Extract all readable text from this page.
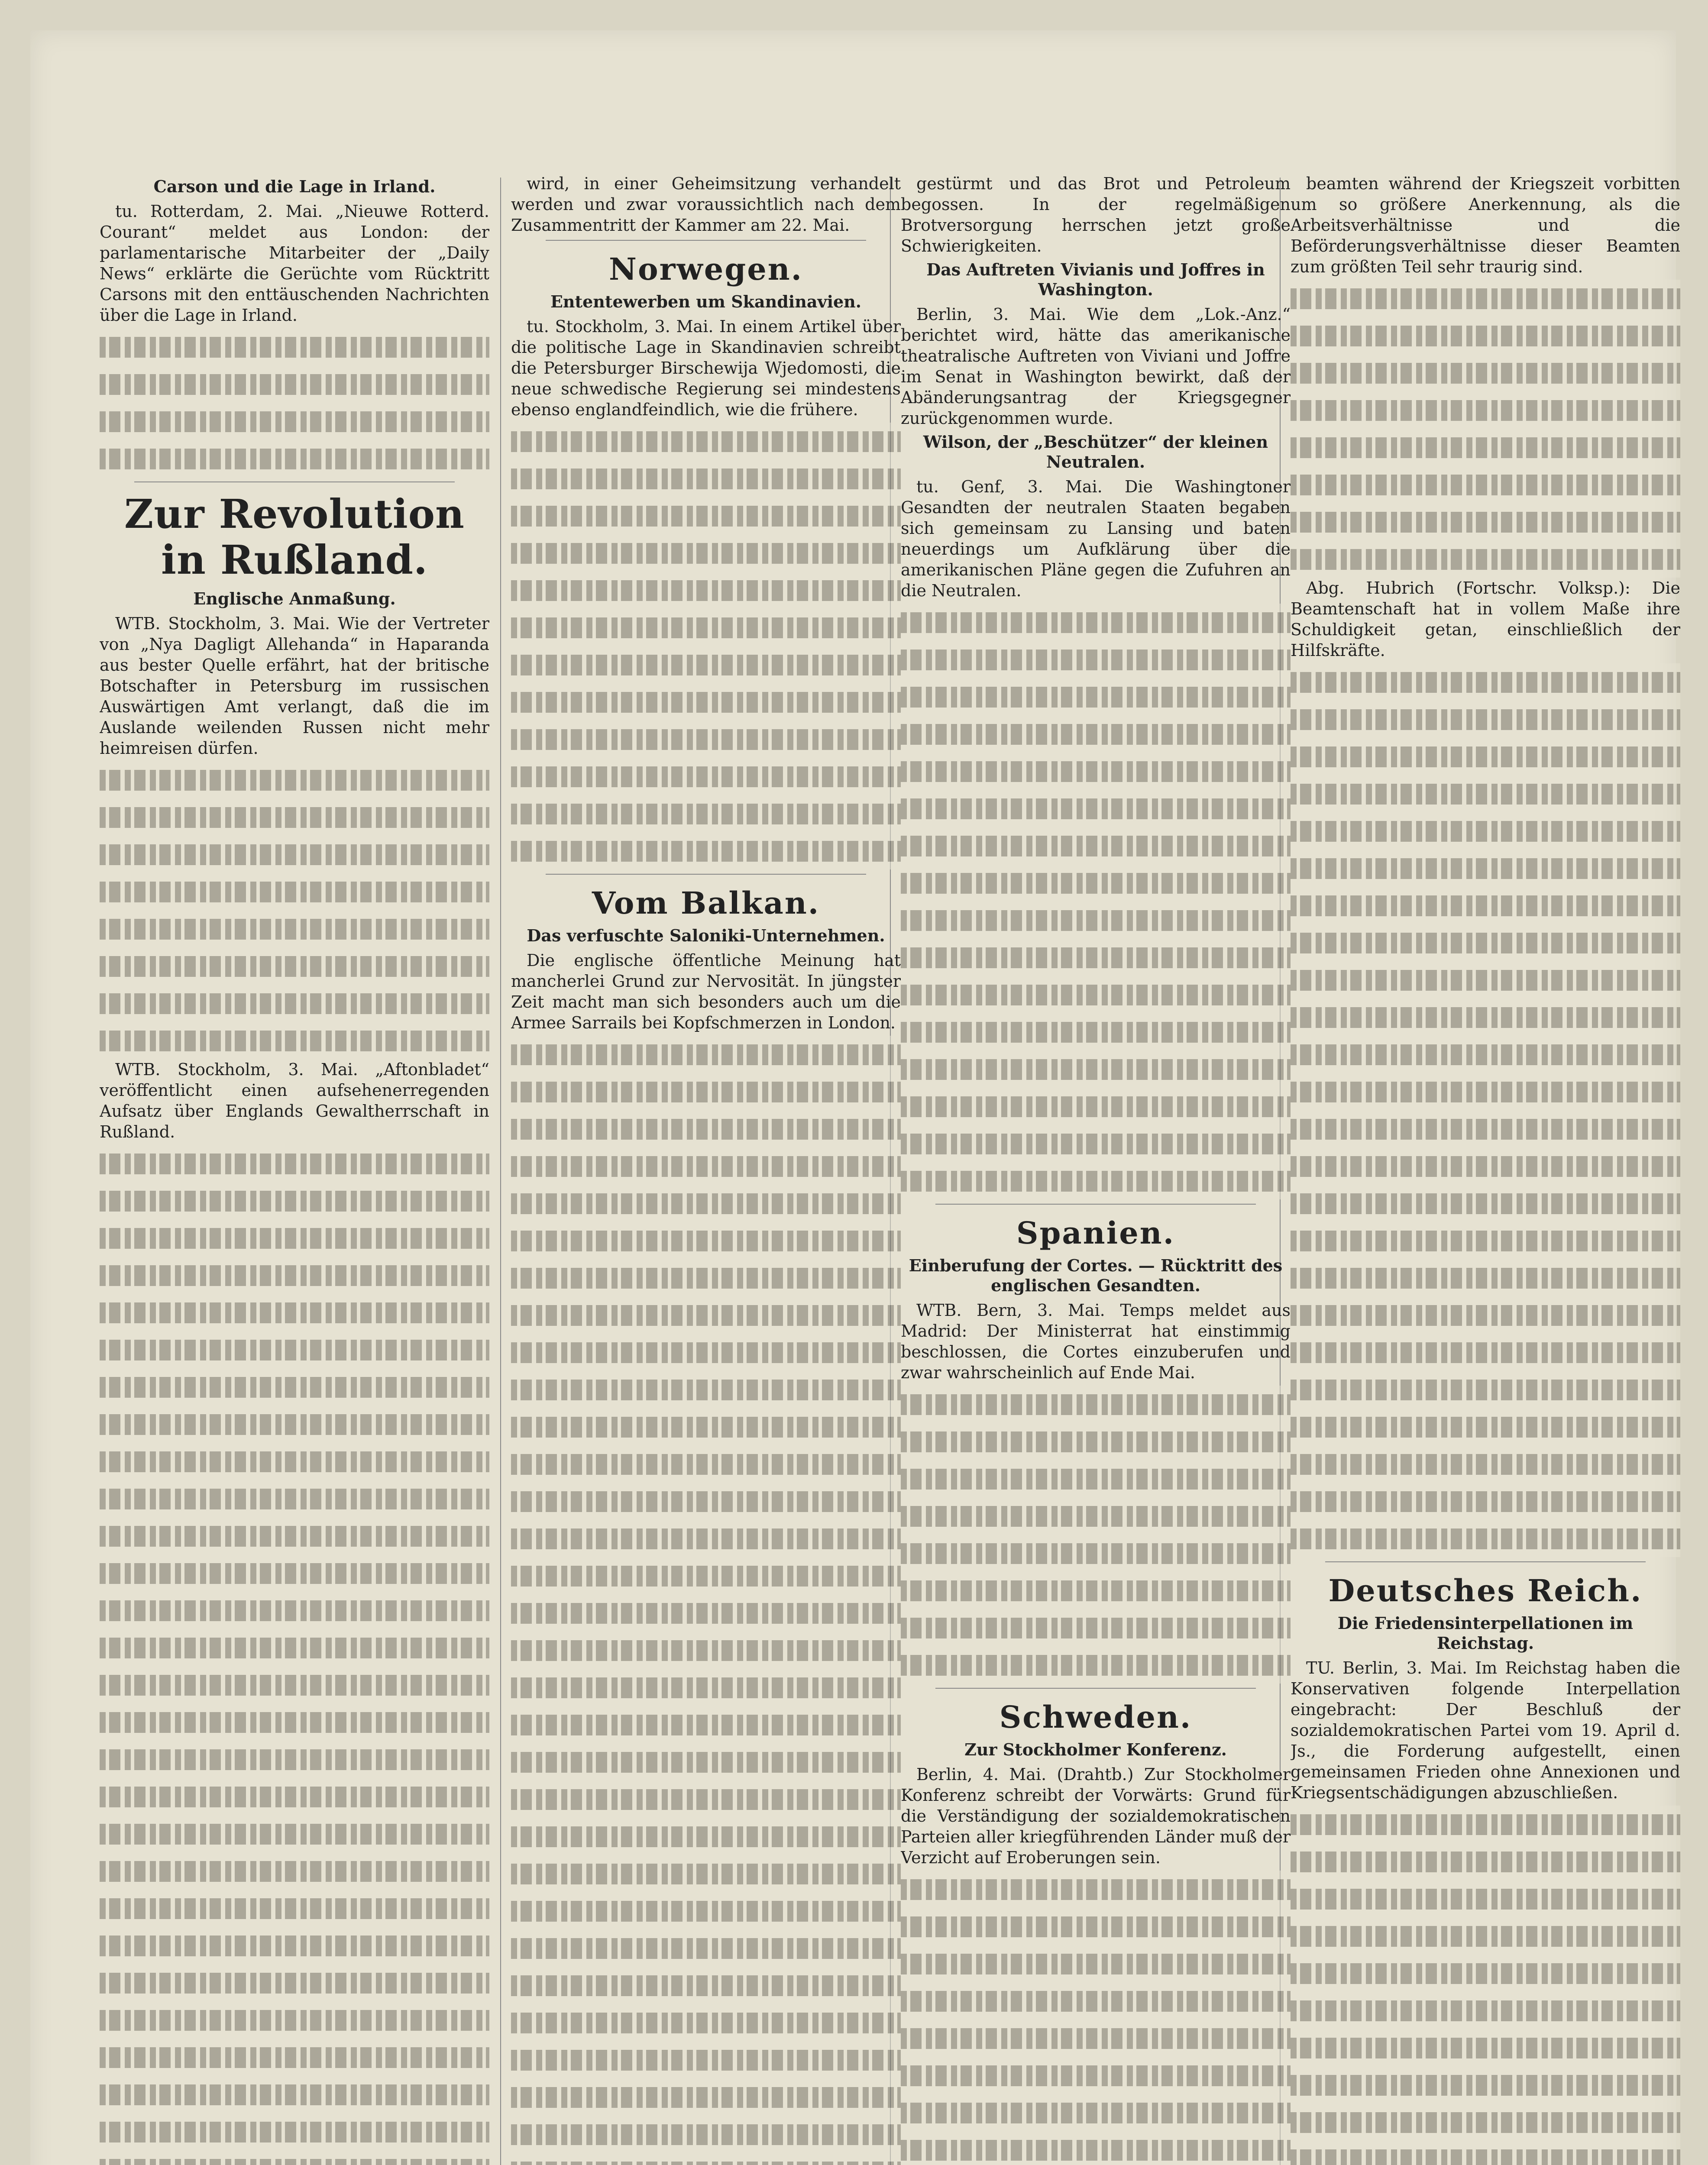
Carson und die Lage in Irland.

tu. Rotterdam, 2. Mai. „Nieuwe Rotterd. Courant“ meldet aus London: der parlamentarische Mitarbeiter der „Daily News“ erklärte die Gerüchte vom Rücktritt Carsons mit den enttäuschenden Nachrichten über die Lage in Irland.

Zur Revolution in Rußland.
Englische Anmaßung.

WTB. Stockholm, 3. Mai. Wie der Vertreter von „Nya Dagligt Allehanda“ in Haparanda aus bester Quelle erfährt, hat der britische Botschafter in Petersburg im russischen Auswärtigen Amt verlangt, daß die im Auslande weilenden Russen nicht mehr heimreisen dürfen.

WTB. Stockholm, 3. Mai. „Aftonbladet“ veröffentlicht einen aufsehenerregenden Aufsatz über Englands Gewaltherrschaft in Rußland.

wird, in einer Geheimsitzung verhandelt werden und zwar voraussichtlich nach dem Zusammentritt der Kammer am 22. Mai.

Norwegen.
Ententewerben um Skandinavien.

tu. Stockholm, 3. Mai. In einem Artikel über die politische Lage in Skandinavien schreibt die Petersburger Birschewija Wjedomosti, die neue schwedische Regierung sei mindestens ebenso englandfeindlich, wie die frühere.

Vom Balkan.
Das verfuschte Saloniki-Unternehmen.

Die englische öffentliche Meinung hat mancherlei Grund zur Nervosität. In jüngster Zeit macht man sich besonders auch um die Armee Sarrails bei Kopfschmerzen in London.

gestürmt und das Brot und Petroleum begossen. In der regelmäßigen Brotversorgung herrschen jetzt große Schwierigkeiten.

Das Auftreten Vivianis und Joffres in Washington.

Berlin, 3. Mai. Wie dem „Lok.-Anz.“ berichtet wird, hätte das amerikanische theatralische Auftreten von Viviani und Joffre im Senat in Washington bewirkt, daß der Abänderungsantrag der Kriegsgegner zurückgenommen wurde.

Wilson, der „Beschützer“ der kleinen Neutralen.

tu. Genf, 3. Mai. Die Washingtoner Gesandten der neutralen Staaten begaben sich gemeinsam zu Lansing und baten neuerdings um Aufklärung über die amerikanischen Pläne gegen die Zufuhren an die Neutralen.

Spanien.
Einberufung der Cortes. — Rücktritt des englischen Gesandten.

WTB. Bern, 3. Mai. Temps meldet aus Madrid: Der Ministerrat hat einstimmig beschlossen, die Cortes einzuberufen und zwar wahrscheinlich auf Ende Mai.

Schweden.
Zur Stockholmer Konferenz.

Berlin, 4. Mai. (Drahtb.) Zur Stockholmer Konferenz schreibt der Vorwärts: Grund für die Verständigung der sozialdemokratischen Parteien aller kriegführenden Länder muß der Verzicht auf Eroberungen sein.

beamten während der Kriegszeit vorbitten um so größere Anerkennung, als die Arbeitsverhältnisse und die Beförderungsverhältnisse dieser Beamten zum größten Teil sehr traurig sind.

Abg. Hubrich (Fortschr. Volksp.): Die Beamtenschaft hat in vollem Maße ihre Schuldigkeit getan, einschließlich der Hilfskräfte.

Deutsches Reich.
Die Friedensinterpellationen im Reichstag.

TU. Berlin, 3. Mai. Im Reichstag haben die Konservativen folgende Interpellation eingebracht: Der Beschluß der sozialdemokratischen Partei vom 19. April d. Js., die Forderung aufgestellt, einen gemeinsamen Frieden ohne Annexionen und Kriegsentschädigungen abzuschließen.
